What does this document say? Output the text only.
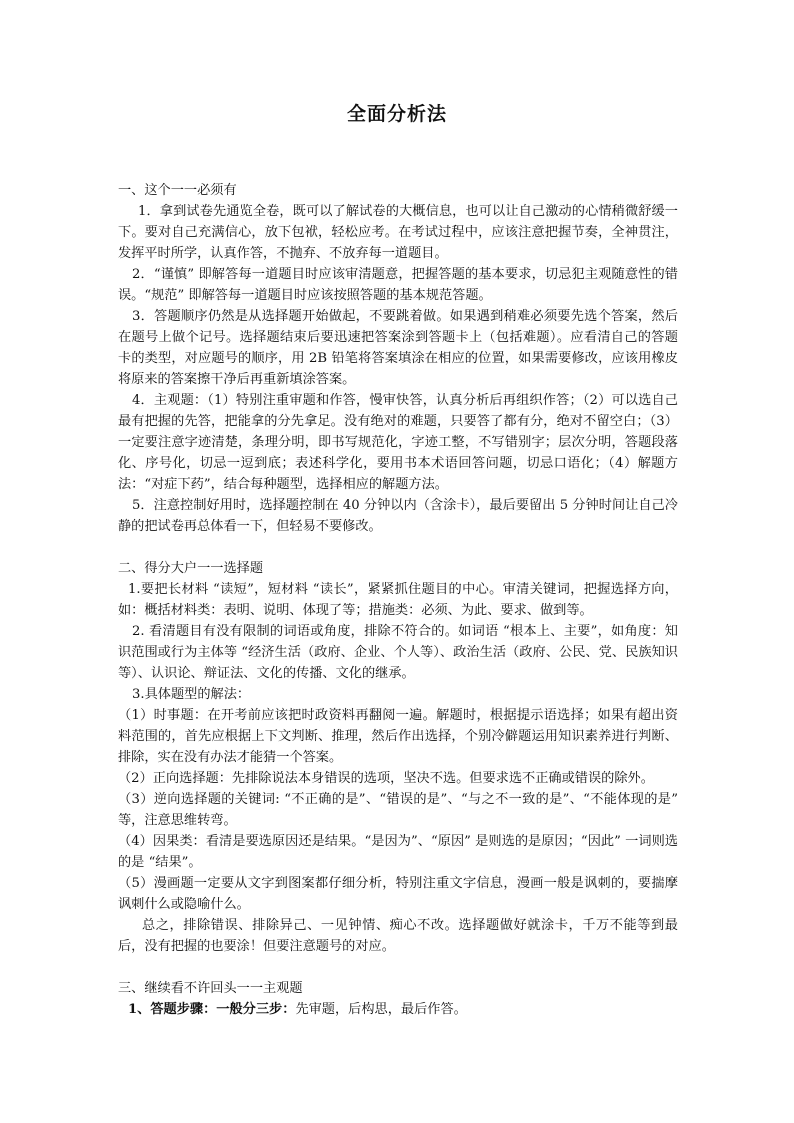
全面分析法

一、这个一一必须有

1．拿到试卷先通览全卷，既可以了解试卷的大概信息，也可以让自己激动的心情稍微舒缓一下。要对自己充满信心，放下包袱，轻松应考。在考试过程中，应该注意把握节奏，全神贯注，发挥平时所学，认真作答，不抛弃、不放弃每一道题目。

2．“谨慎” 即解答每一道题目时应该审清题意，把握答题的基本要求，切忌犯主观随意性的错误。“规范” 即解答每一道题目时应该按照答题的基本规范答题。

3．答题顺序仍然是从选择题开始做起，不要跳着做。如果遇到稍难必须要先选个答案，然后在题号上做个记号。选择题结束后要迅速把答案涂到答题卡上（包括难题）。应看清自己的答题卡的类型，对应题号的顺序，用 2B 铅笔将答案填涂在相应的位置，如果需要修改，应该用橡皮将原来的答案擦干净后再重新填涂答案。

4．主观题：（1）特别注重审题和作答，慢审快答，认真分析后再组织作答；（2）可以选自己最有把握的先答，把能拿的分先拿足。没有绝对的难题，只要答了都有分，绝对不留空白；（3）一定要注意字迹清楚，条理分明，即书写规范化，字迹工整，不写错别字；层次分明，答题段落化、序号化，切忌一逗到底；表述科学化，要用书本术语回答问题，切忌口语化；（4）解题方法：“对症下药”，结合每种题型，选择相应的解题方法。

5．注意控制好用时，选择题控制在 40 分钟以内（含涂卡），最后要留出 5 分钟时间让自己冷静的把试卷再总体看一下，但轻易不要修改。

二、得分大户一一选择题

1.要把长材料 “读短”，短材料 “读长”，紧紧抓住题目的中心。审清关键词，把握选择方向，如：概括材料类：表明、说明、体现了等；措施类：必须、为此、要求、做到等。

2. 看清题目有没有限制的词语或角度，排除不符合的。如词语 “根本上、主要”，如角度：知识范围或行为主体等 “经济生活（政府、企业、个人等）、政治生活（政府、公民、党、民族知识等）、认识论、辩证法、文化的传播、文化的继承。

3.具体题型的解法：

（1）时事题：在开考前应该把时政资料再翻阅一遍。解题时，根据提示语选择；如果有超出资料范围的，首先应根据上下文判断、推理，然后作出选择，个别冷僻题运用知识素养进行判断、排除，实在没有办法才能猜一个答案。

（2）正向选择题：先排除说法本身错误的选项，坚决不选。但要求选不正确或错误的除外。

（3）逆向选择题的关键词: “不正确的是”、“错误的是”、“与之不一致的是”、“不能体现的是” 等，注意思维转弯。

（4）因果类：看清是要选原因还是结果。“是因为”、“原因” 是则选的是原因；“因此” 一词则选的是 “结果”。

（5）漫画题一定要从文字到图案都仔细分析，特别注重文字信息，漫画一般是讽刺的，要揣摩讽刺什么或隐喻什么。

总之，排除错误、排除异己、一见钟情、痴心不改。选择题做好就涂卡，千万不能等到最后，没有把握的也要涂！但要注意题号的对应。

三、继续看不许回头一一主观题

1、答题步骤：一般分三步：先审题，后构思，最后作答。
